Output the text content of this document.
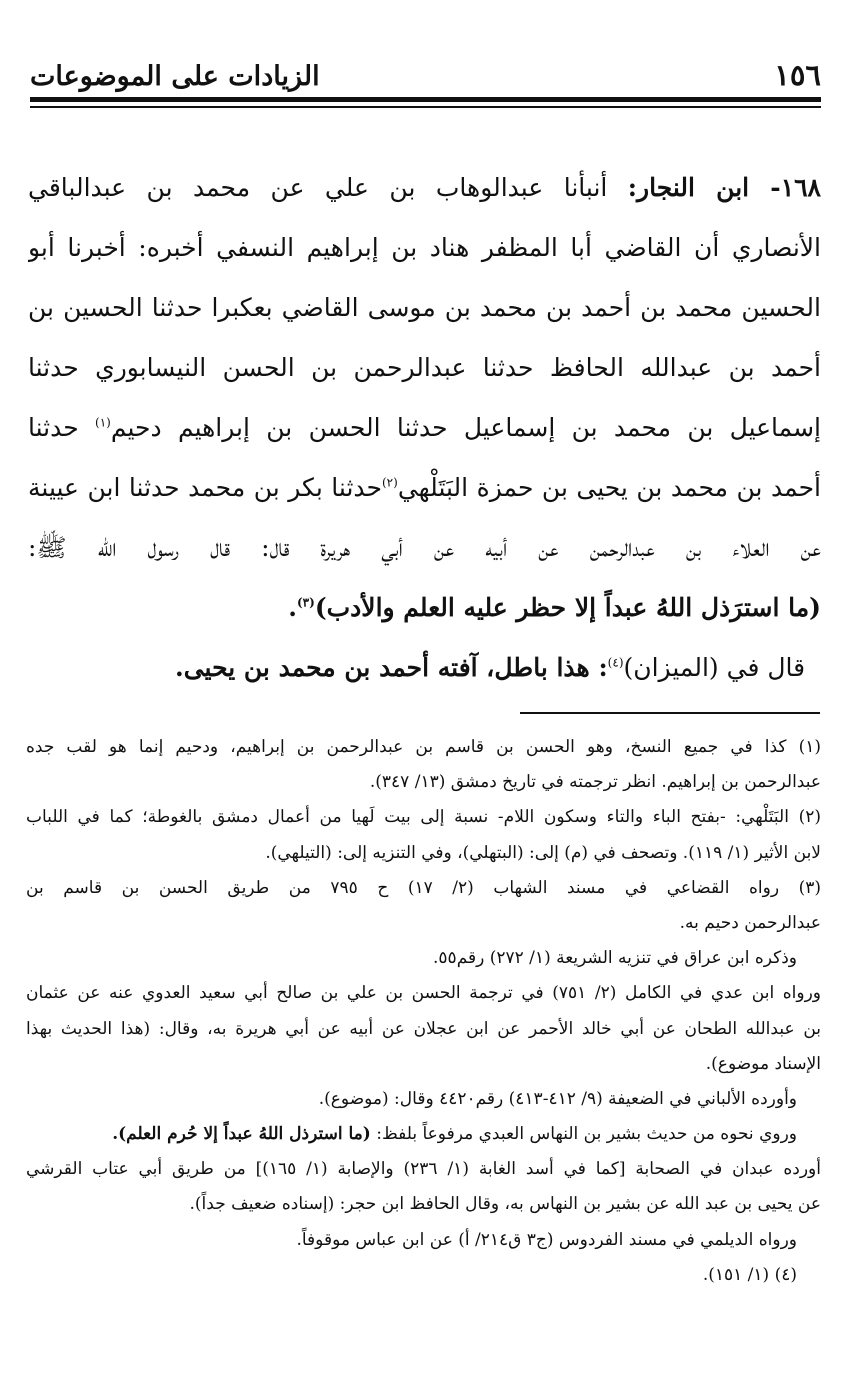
١٥٦
الزيادات على الموضوعات
١٦٨- ابن النجار: أنبأنا عبدالوهاب بن علي عن محمد بن عبدالباقي
الأنصاري أن القاضي أبا المظفر هناد بن إبراهيم النسفي أخبره: أخبرنا أبو
الحسين محمد بن أحمد بن محمد بن موسى القاضي بعكبرا حدثنا الحسين بن
أحمد بن عبدالله الحافظ حدثنا عبدالرحمن بن الحسن النيسابوري حدثنا
إسماعيل بن محمد بن إسماعيل حدثنا الحسن بن إبراهيم دحيم$^{(١)}$ حدثنا
أحمد بن محمد بن يحيى بن حمزة البَتَلْهي$^{(٢)}$حدثنا بكر بن محمد حدثنا ابن عيينة
عن العلاء بن عبدالرحمن عن أبيه عن أبي هريرة قال: قال رسول الله ﷺ:
(ما استرَذل اللهُ عبداً إلا حظر عليه العلم والأدب)$^{(٣)}$.
قال في (الميزان)$^{(٤)}$: هذا باطل، آفته أحمد بن محمد بن يحيى.
(١) كذا في جميع النسخ، وهو الحسن بن قاسم بن عبدالرحمن بن إبراهيم، ودحيم إنما هو لقب جده
عبدالرحمن بن إبراهيم. انظر ترجمته في تاريخ دمشق (١٣/ ٣٤٧).
(٢) البَتَلْهي: -بفتح الباء والتاء وسكون اللام- نسبة إلى بيت لَهيا من أعمال دمشق بالغوطة؛ كما في اللباب
لابن الأثير (١/ ١١٩). وتصحف في (م) إلى: (البتهلي)، وفي التنزيه إلى: (التيلهي).
(٣) رواه القضاعي في مسند الشهاب (٢/ ١٧) ح ٧٩٥ من طريق الحسن بن قاسم بن
عبدالرحمن دحيم به.
وذكره ابن عراق في تنزيه الشريعة (١/ ٢٧٢) رقم٥٥.
ورواه ابن عدي في الكامل (٢/ ٧٥١) في ترجمة الحسن بن علي بن صالح أبي سعيد العدوي عنه عن عثمان
بن عبدالله الطحان عن أبي خالد الأحمر عن ابن عجلان عن أبيه عن أبي هريرة به، وقال: (هذا الحديث بهذا
الإسناد موضوع).
وأورده الألباني في الضعيفة (٩/ ٤١٢-٤١٣) رقم٤٤٢٠ وقال: (موضوع).
وروي نحوه من حديث بشير بن النهاس العبدي مرفوعاً بلفظ: (ما استرذل اللهُ عبداً إلا حُرم العلم).
أورده عبدان في الصحابة [كما في أسد الغابة (١/ ٢٣٦) والإصابة (١/ ١٦٥)] من طريق أبي عتاب القرشي
عن يحيى بن عبد الله عن بشير بن النهاس به، وقال الحافظ ابن حجر: (إسناده ضعيف جداً).
ورواه الديلمي في مسند الفردوس (ج٣ ق٢١٤/ أ) عن ابن عباس موقوفاً.
(٤) (١/ ١٥١).
